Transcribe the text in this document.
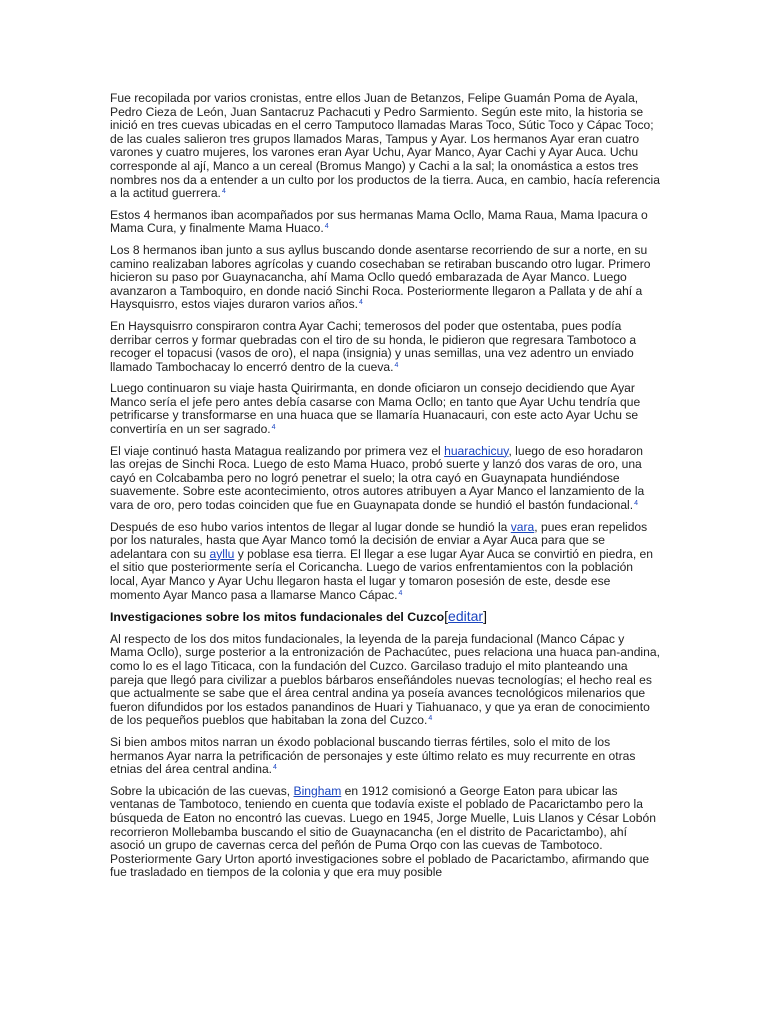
Fue recopilada por varios cronistas, entre ellos Juan de Betanzos, Felipe Guamán Poma de Ayala, Pedro Cieza de León, Juan Santacruz Pachacuti y Pedro Sarmiento. Según este mito, la historia se inició en tres cuevas ubicadas en el cerro Tamputoco llamadas Maras Toco, Sútic Toco y Cápac Toco; de las cuales salieron tres grupos llamados Maras, Tampus y Ayar. Los hermanos Ayar eran cuatro varones y cuatro mujeres, los varones eran Ayar Uchu, Ayar Manco, Ayar Cachi y Ayar Auca. Uchu corresponde al ají, Manco a un cereal (Bromus Mango) y Cachi a la sal; la onomástica a estos tres nombres nos da a entender a un culto por los productos de la tierra. Auca, en cambio, hacía referencia a la actitud guerrera.$^4$

Estos 4 hermanos iban acompañados por sus hermanas Mama Ocllo, Mama Raua, Mama Ipacura o Mama Cura, y finalmente Mama Huaco.$^4$

Los 8 hermanos iban junto a sus ayllus buscando donde asentarse recorriendo de sur a norte, en su camino realizaban labores agrícolas y cuando cosechaban se retiraban buscando otro lugar. Primero hicieron su paso por Guaynacancha, ahí Mama Ocllo quedó embarazada de Ayar Manco. Luego avanzaron a Tamboquiro, en donde nació Sinchi Roca. Posteriormente llegaron a Pallata y de ahí a Haysquisrro, estos viajes duraron varios años.$^4$

En Haysquisrro conspiraron contra Ayar Cachi; temerosos del poder que ostentaba, pues podía derribar cerros y formar quebradas con el tiro de su honda, le pidieron que regresara Tambotoco a recoger el topacusi (vasos de oro), el napa (insignia) y unas semillas, una vez adentro un enviado llamado Tambochacay lo encerró dentro de la cueva.$^4$

Luego continuaron su viaje hasta Quirirmanta, en donde oficiaron un consejo decidiendo que Ayar Manco sería el jefe pero antes debía casarse con Mama Ocllo; en tanto que Ayar Uchu tendría que petrificarse y transformarse en una huaca que se llamaría Huanacauri, con este acto Ayar Uchu se convertiría en un ser sagrado.$^4$

El viaje continuó hasta Matagua realizando por primera vez el huarachicuy, luego de eso horadaron las orejas de Sinchi Roca. Luego de esto Mama Huaco, probó suerte y lanzó dos varas de oro, una cayó en Colcabamba pero no logró penetrar el suelo; la otra cayó en Guaynapata hundiéndose suavemente. Sobre este acontecimiento, otros autores atribuyen a Ayar Manco el lanzamiento de la vara de oro, pero todas coinciden que fue en Guaynapata donde se hundió el bastón fundacional.$^4$

Después de eso hubo varios intentos de llegar al lugar donde se hundió la vara, pues eran repelidos por los naturales, hasta que Ayar Manco tomó la decisión de enviar a Ayar Auca para que se adelantara con su ayllu y poblase esa tierra. El llegar a ese lugar Ayar Auca se convirtió en piedra, en el sitio que posteriormente sería el Coricancha. Luego de varios enfrentamientos con la población local, Ayar Manco y Ayar Uchu llegaron hasta el lugar y tomaron posesión de este, desde ese momento Ayar Manco pasa a llamarse Manco Cápac.$^4$

Investigaciones sobre los mitos fundacionales del Cuzco[editar]

Al respecto de los dos mitos fundacionales, la leyenda de la pareja fundacional (Manco Cápac y Mama Ocllo), surge posterior a la entronización de Pachacútec, pues relaciona una huaca pan-andina, como lo es el lago Titicaca, con la fundación del Cuzco. Garcilaso tradujo el mito planteando una pareja que llegó para civilizar a pueblos bárbaros enseñándoles nuevas tecnologías; el hecho real es que actualmente se sabe que el área central andina ya poseía avances tecnológicos milenarios que fueron difundidos por los estados panandinos de Huari y Tiahuanaco, y que ya eran de conocimiento de los pequeños pueblos que habitaban la zona del Cuzco.$^4$

Si bien ambos mitos narran un éxodo poblacional buscando tierras fértiles, solo el mito de los hermanos Ayar narra la petrificación de personajes y este último relato es muy recurrente en otras etnias del área central andina.$^4$

Sobre la ubicación de las cuevas, Bingham en 1912 comisionó a George Eaton para ubicar las ventanas de Tambotoco, teniendo en cuenta que todavía existe el poblado de Pacarictambo pero la búsqueda de Eaton no encontró las cuevas. Luego en 1945, Jorge Muelle, Luis Llanos y César Lobón recorrieron Mollebamba buscando el sitio de Guaynacancha (en el distrito de Pacarictambo), ahí asoció un grupo de cavernas cerca del peñón de Puma Orqo con las cuevas de Tambotoco. Posteriormente Gary Urton aportó investigaciones sobre el poblado de Pacarictambo, afirmando que fue trasladado en tiempos de la colonia y que era muy posible
